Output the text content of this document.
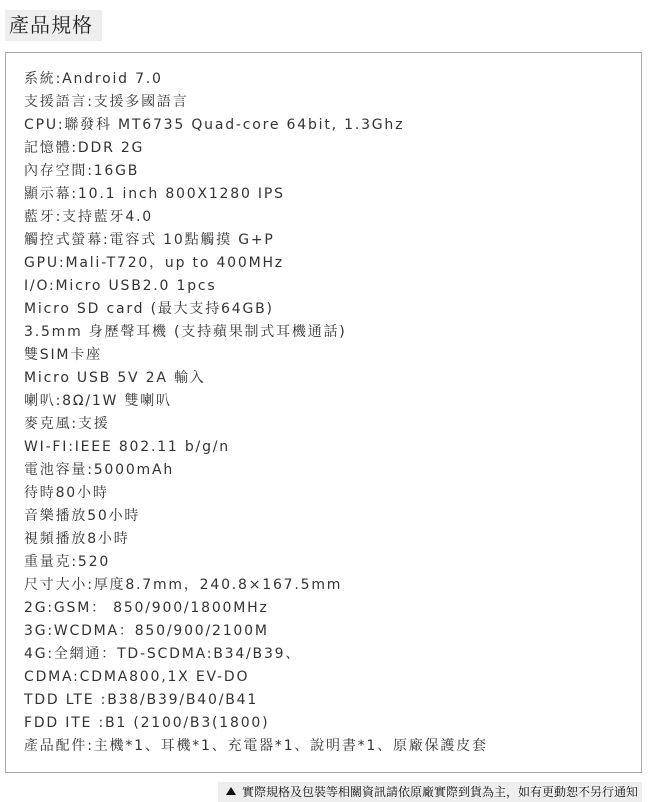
產品規格
系統:Android 7.0
支援語言:支援多國語言
CPU:聯發科 MT6735 Quad-core 64bit, 1.3Ghz
記憶體:DDR 2G
內存空間:16GB
顯示幕:10.1 inch 800X1280 IPS
藍牙:支持藍牙4.0
觸控式螢幕:電容式 10點觸摸 G+P
GPU:Mali-T720，up to 400MHz
I/O:Micro USB2.0 1pcs
Micro SD card (最大支持64GB)
3.5mm 身歷聲耳機 (支持蘋果制式耳機通話)
雙SIM卡座
Micro USB 5V 2A 輸入
喇叭:8Ω/1W 雙喇叭
麥克風:支援
WI-FI:IEEE 802.11 b/g/n
電池容量:5000mAh
待時80小時
音樂播放50小時
視頻播放8小時
重量克:520
尺寸大小:厚度8.7mm，240.8×167.5mm
2G:GSM： 850/900/1800MHz
3G:WCDMA：850/900/2100M
4G:全網通：TD-SCDMA:B34/B39、
CDMA:CDMA800,1X EV-DO
TDD LTE :B38/B39/B40/B41
FDD ITE :B1 (2100/B3(1800)
產品配件:主機*1、耳機*1、充電器*1、說明書*1、原廠保護皮套
實際規格及包裝等相關資訊請依原廠實際到貨為主，如有更動恕不另行通知
